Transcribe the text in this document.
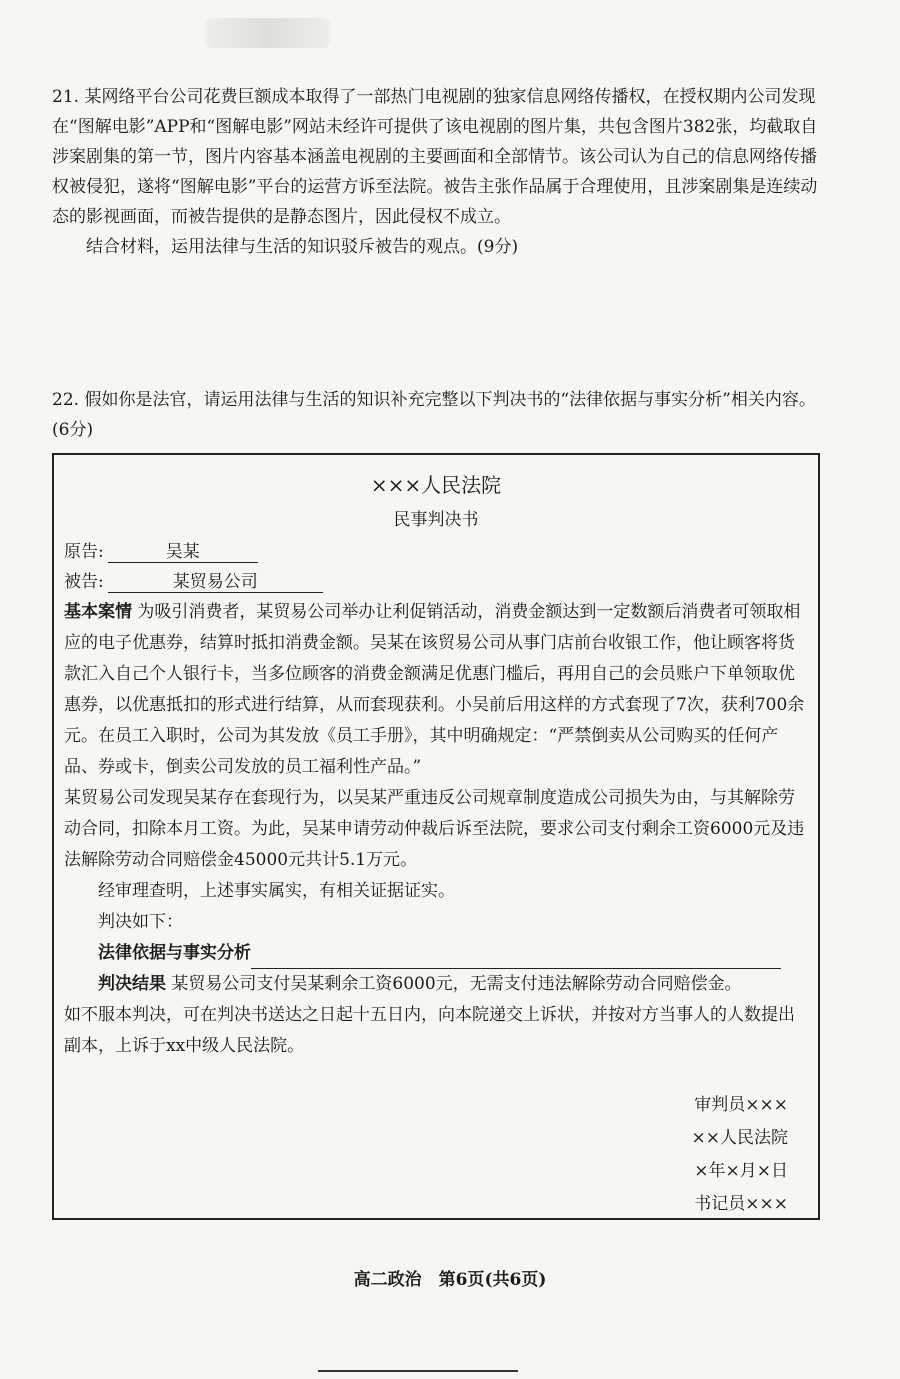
21. 某网络平台公司花费巨额成本取得了一部热门电视剧的独家信息网络传播权，在授权期内公司发现在“图解电影”APP和“图解电影”网站未经许可提供了该电视剧的图片集，共包含图片382张，均截取自涉案剧集的第一节，图片内容基本涵盖电视剧的主要画面和全部情节。该公司认为自己的信息网络传播权被侵犯，遂将“图解电影”平台的运营方诉至法院。被告主张作品属于合理使用，且涉案剧集是连续动态的影视画面，而被告提供的是静态图片，因此侵权不成立。

结合材料，运用法律与生活的知识驳斥被告的观点。(9分)

22. 假如你是法官，请运用法律与生活的知识补充完整以下判决书的“法律依据与事实分析”相关内容。(6分)

×××人民法院
民事判决书
原告:	吴某
被告:	某贸易公司

基本案情 为吸引消费者，某贸易公司举办让利促销活动，消费金额达到一定数额后消费者可领取相应的电子优惠券，结算时抵扣消费金额。吴某在该贸易公司从事门店前台收银工作，他让顾客将货款汇入自己个人银行卡，当多位顾客的消费金额满足优惠门槛后，再用自己的会员账户下单领取优惠券，以优惠抵扣的形式进行结算，从而套现获利。小吴前后用这样的方式套现了7次，获利700余元。在员工入职时，公司为其发放《员工手册》，其中明确规定：“严禁倒卖从公司购买的任何产品、券或卡，倒卖公司发放的员工福利性产品。”

某贸易公司发现吴某存在套现行为，以吴某严重违反公司规章制度造成公司损失为由，与其解除劳动合同，扣除本月工资。为此，吴某申请劳动仲裁后诉至法院，要求公司支付剩余工资6000元及违法解除劳动合同赔偿金45000元共计5.1万元。

经审理查明，上述事实属实，有相关证据证实。

判决如下：

法律依据与事实分析

判决结果 某贸易公司支付吴某剩余工资6000元，无需支付违法解除劳动合同赔偿金。

如不服本判决，可在判决书送达之日起十五日内，向本院递交上诉状，并按对方当事人的人数提出副本，上诉于xx中级人民法院。

审判员×××
××人民法院
×年×月×日
书记员×××
高二政治　第6页(共6页)
